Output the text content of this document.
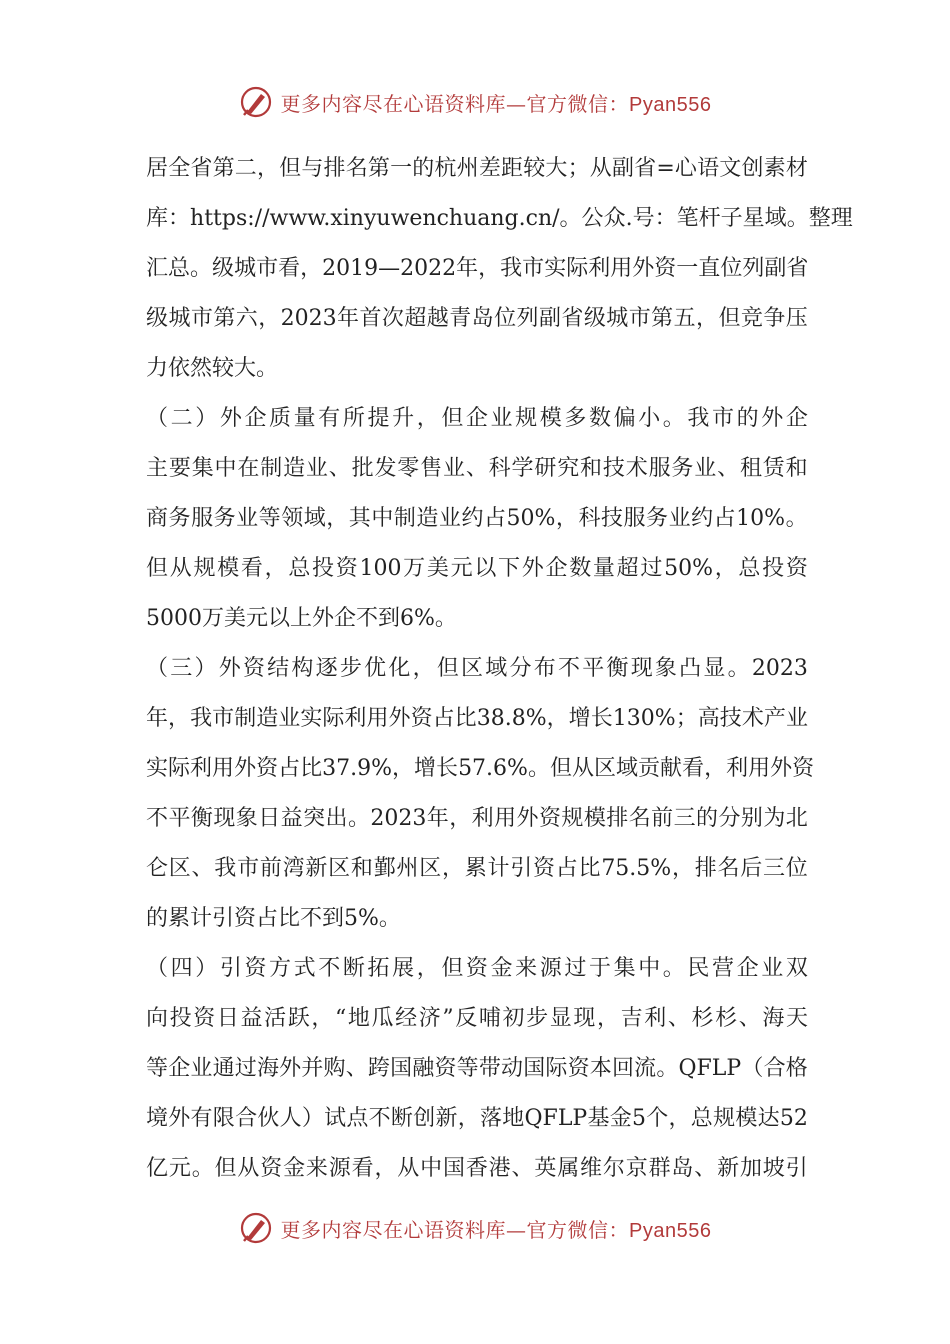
更多内容尽在心语资料库—官方微信：Pyan556
居 全 省 第 二 ， 但 与 排 名 第 一 的 杭 州 差 距 较 大 ； 从 副 省 = 心 语 文 创 素 材
库 ： https://www.xinyuwenchuang.cn/ 。 公 众 . 号 ： 笔 杆 子 星 域 。 整 理
汇 总 。 级 城 市 看 ， 2019 — 2022 年 ， 我 市 实 际 利 用 外 资 一 直 位 列 副 省
级 城 市 第 六 ， 2023 年 首 次 超 越 青 岛 位 列 副 省 级 城 市 第 五 ， 但 竞 争 压
力依然较大。
（ 二 ） 外 企 质 量 有 所 提 升 ， 但 企 业 规 模 多 数 偏 小 。 我 市 的 外 企
主 要 集 中 在 制 造 业 、 批 发 零 售 业 、 科 学 研 究 和 技 术 服 务 业 、 租 赁 和
商 务 服 务 业 等 领 域 ， 其 中 制 造 业 约 占 50% ， 科 技 服 务 业 约 占 10% 。
但 从 规 模 看 ， 总 投 资 100 万 美 元 以 下 外 企 数 量 超 过 50% ， 总 投 资
5000万美元以上外企不到6%。
（ 三 ） 外 资 结 构 逐 步 优 化 ， 但 区 域 分 布 不 平 衡 现 象 凸 显 。 2023
年 ， 我 市 制 造 业 实 际 利 用 外 资 占 比 38.8% ， 增 长 130% ； 高 技 术 产 业
实 际 利 用 外 资 占 比 37.9% ， 增 长 57.6% 。 但 从 区 域 贡 献 看 ， 利 用 外 资
不 平 衡 现 象 日 益 突 出 。 2023 年 ， 利 用 外 资 规 模 排 名 前 三 的 分 别 为 北
仑 区 、 我 市 前 湾 新 区 和 鄞 州 区 ， 累 计 引 资 占 比 75.5% ， 排 名 后 三 位
的累计引资占比不到5%。
（ 四 ） 引 资 方 式 不 断 拓 展 ， 但 资 金 来 源 过 于 集 中 。 民 营 企 业 双
向 投 资 日 益 活 跃 ， “ 地 瓜 经 济 ” 反 哺 初 步 显 现 ， 吉 利 、 杉 杉 、 海 天
等 企 业 通 过 海 外 并 购 、 跨 国 融 资 等 带 动 国 际 资 本 回 流 。 QFLP （ 合 格
境 外 有 限 合 伙 人 ） 试 点 不 断 创 新 ， 落 地 QFLP 基 金 5 个 ， 总 规 模 达 52
亿 元 。 但 从 资 金 来 源 看 ， 从 中 国 香 港 、 英 属 维 尔 京 群 岛 、 新 加 坡 引
更多内容尽在心语资料库—官方微信：Pyan556
